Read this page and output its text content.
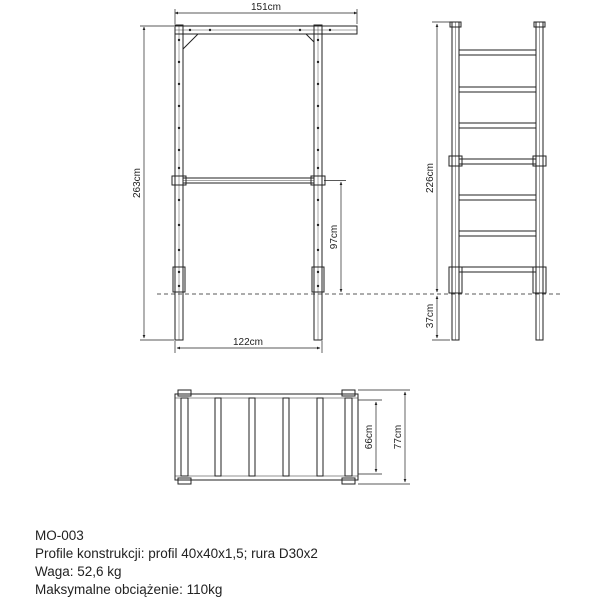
151cm
263cm
97cm
122cm
226cm
37cm
66cm 77cm
MO-003
Profile konstrukcji: profil 40x40x1,5; rura D30x2
Waga: 52,6 kg
Maksymalne obciążenie: 110kg
